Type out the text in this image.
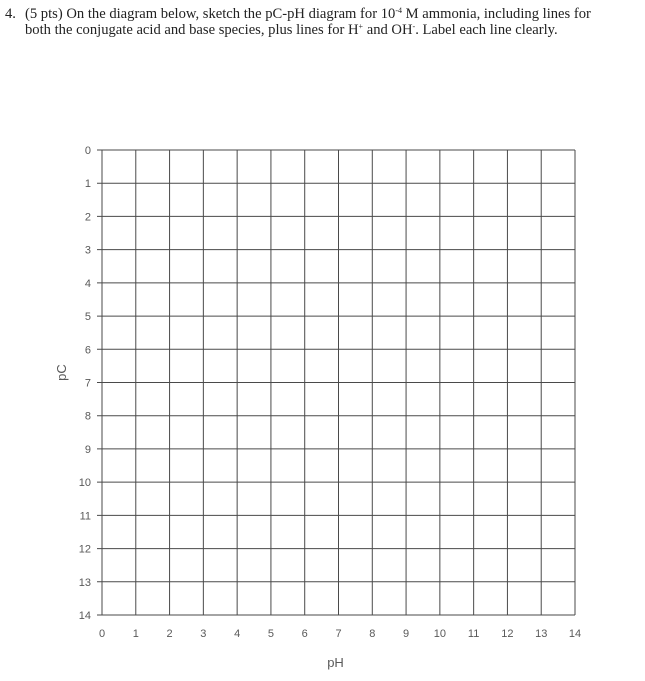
4. (5 pts) On the diagram below, sketch the pC-pH diagram for $10^{-4}$ M ammonia, including lines for
both the conjugate acid and base species, plus lines for H+ and OH-. Label each line clearly.
0
1
2
3
4
5
6
7
8
9
10
11
12
13
14
0	1	2	3	4	5	6	7	8	9 10 11 12 13 14
pH
pC
